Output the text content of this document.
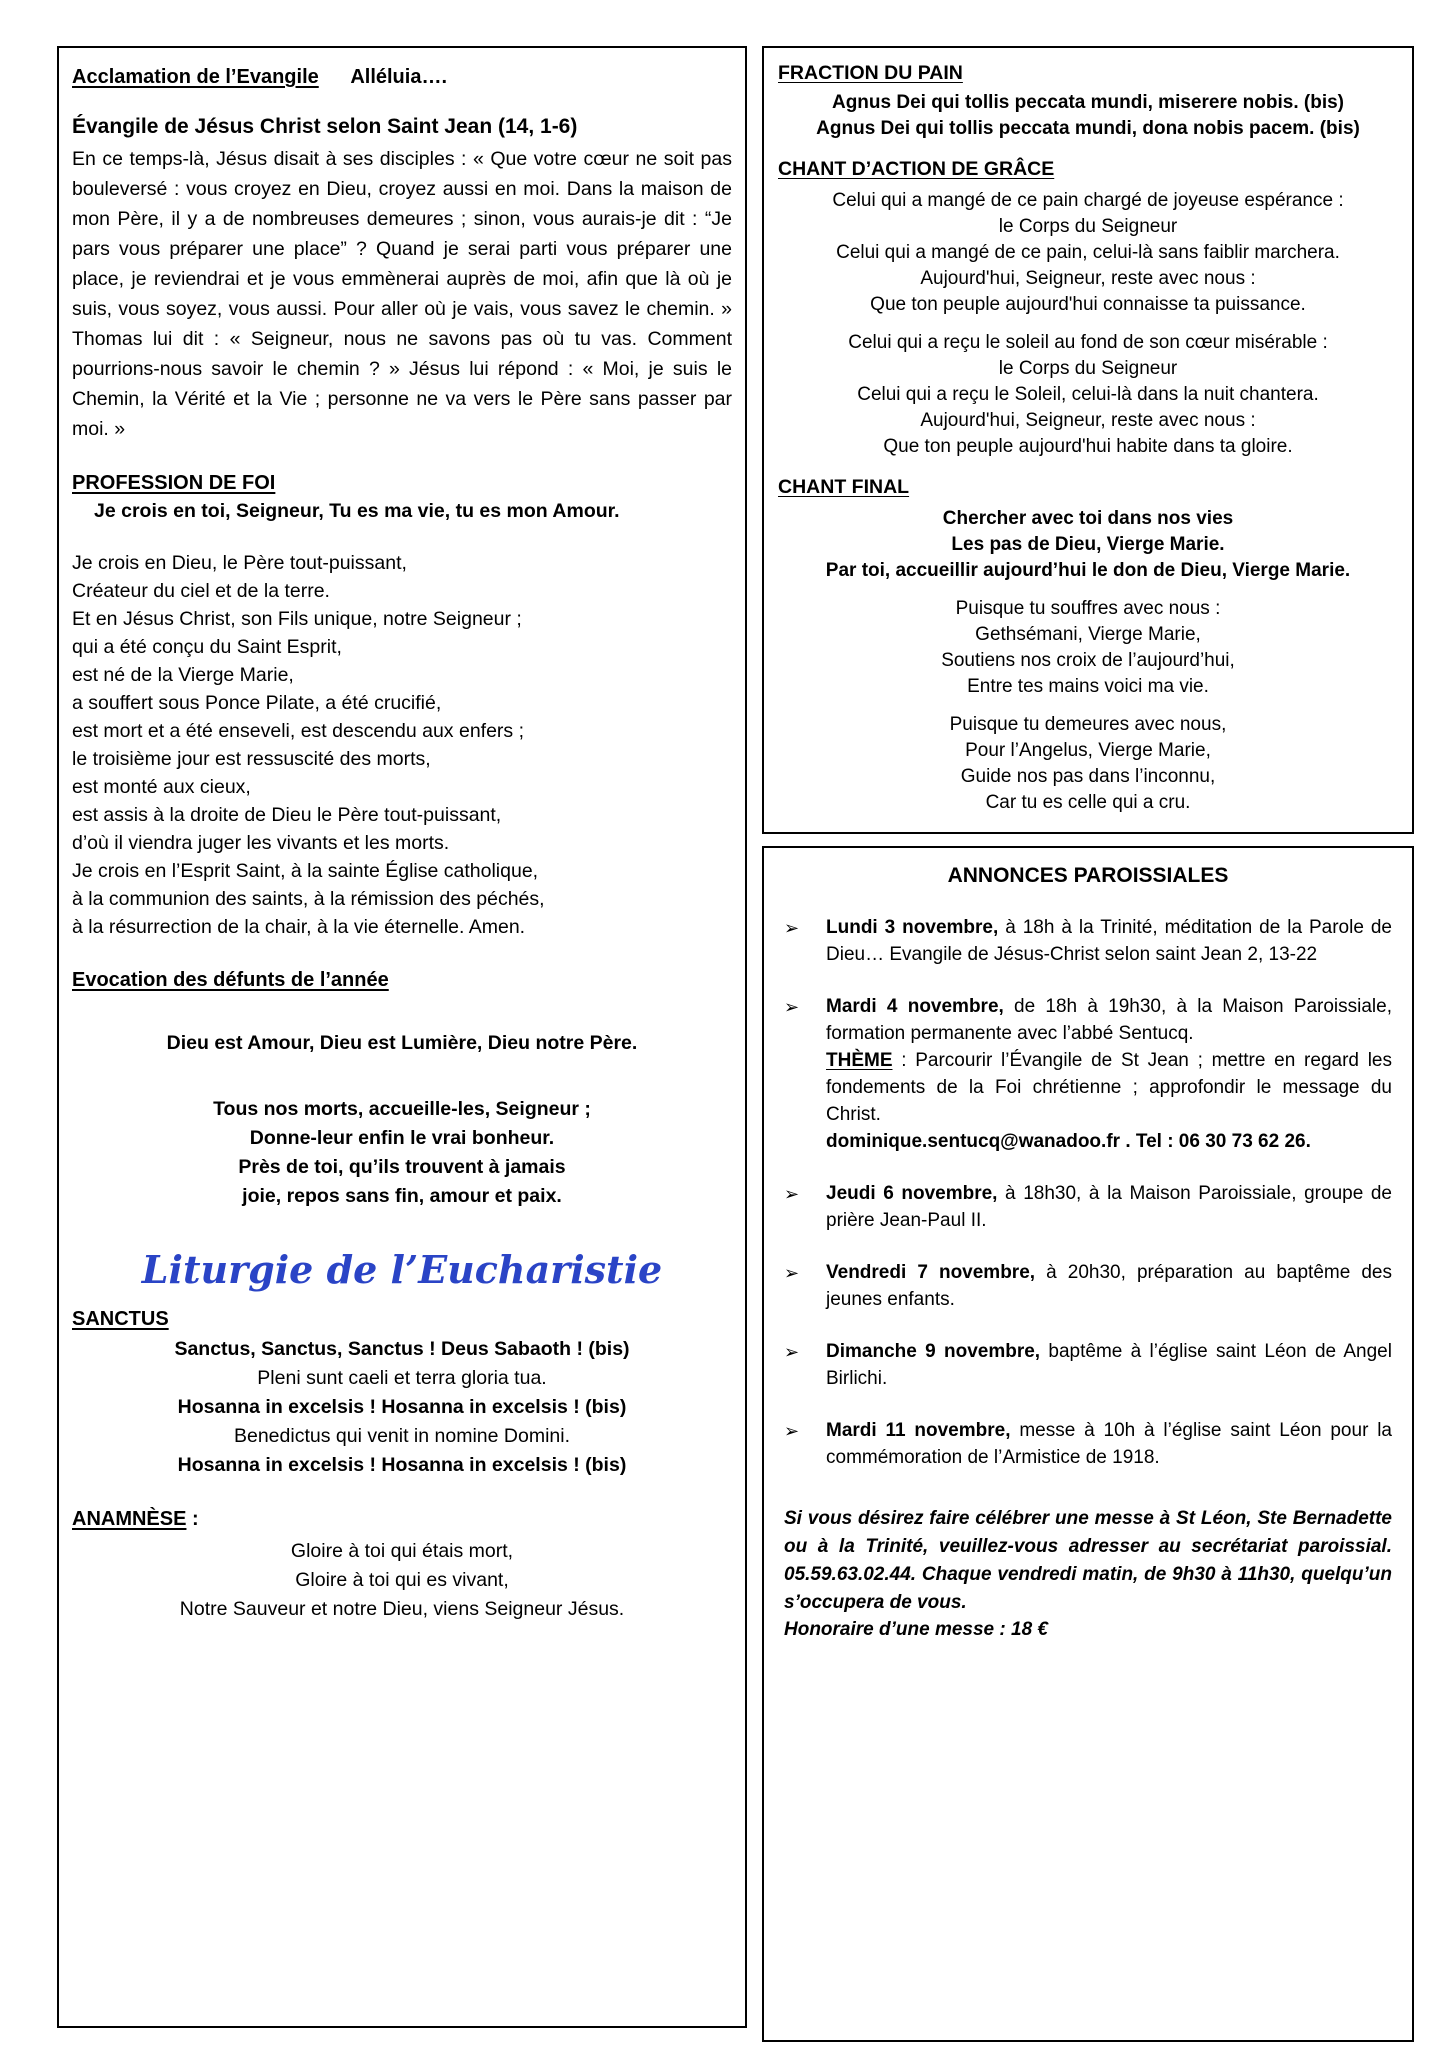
Acclamation de l’Evangile Alléluia….
Évangile de Jésus Christ selon Saint Jean (14, 1-6)
En ce temps-là, Jésus disait à ses disciples : « Que votre cœur ne soit pas bouleversé : vous croyez en Dieu, croyez aussi en moi. Dans la maison de mon Père, il y a de nombreuses demeures ; sinon, vous aurais-je dit : “Je pars vous préparer une place” ? Quand je serai parti vous préparer une place, je reviendrai et je vous emmènerai auprès de moi, afin que là où je suis, vous soyez, vous aussi. Pour aller où je vais, vous savez le chemin. » Thomas lui dit : « Seigneur, nous ne savons pas où tu vas. Comment pourrions-nous savoir le chemin ? » Jésus lui répond : « Moi, je suis le Chemin, la Vérité et la Vie ; personne ne va vers le Père sans passer par moi. »
PROFESSION DE FOI
Je crois en toi, Seigneur, Tu es ma vie, tu es mon Amour.
Je crois en Dieu, le Père tout-puissant,
Créateur du ciel et de la terre.
Et en Jésus Christ, son Fils unique, notre Seigneur ;
qui a été conçu du Saint Esprit,
est né de la Vierge Marie,
a souffert sous Ponce Pilate, a été crucifié,
est mort et a été enseveli, est descendu aux enfers ;
le troisième jour est ressuscité des morts,
est monté aux cieux,
est assis à la droite de Dieu le Père tout-puissant,
d’où il viendra juger les vivants et les morts.
Je crois en l’Esprit Saint, à la sainte Église catholique,
à la communion des saints, à la rémission des péchés,
à la résurrection de la chair, à la vie éternelle. Amen.
Evocation des défunts de l’année
Dieu est Amour, Dieu est Lumière, Dieu notre Père.
Tous nos morts, accueille-les, Seigneur ;
Donne-leur enfin le vrai bonheur.
Près de toi, qu’ils trouvent à jamais
joie, repos sans fin, amour et paix.
Liturgie de l’Eucharistie
SANCTUS
Sanctus, Sanctus, Sanctus ! Deus Sabaoth ! (bis)
Pleni sunt caeli et terra gloria tua.
Hosanna in excelsis ! Hosanna in excelsis ! (bis)
Benedictus qui venit in nomine Domini.
Hosanna in excelsis ! Hosanna in excelsis ! (bis)
ANAMNÈSE :
Gloire à toi qui étais mort,
Gloire à toi qui es vivant,
Notre Sauveur et notre Dieu, viens Seigneur Jésus.
FRACTION DU PAIN
Agnus Dei qui tollis peccata mundi, miserere nobis. (bis)
Agnus Dei qui tollis peccata mundi, dona nobis pacem. (bis)
CHANT D’ACTION DE GRÂCE
Celui qui a mangé de ce pain chargé de joyeuse espérance :
le Corps du Seigneur
Celui qui a mangé de ce pain, celui-là sans faiblir marchera.
Aujourd'hui, Seigneur, reste avec nous :
Que ton peuple aujourd'hui connaisse ta puissance.
Celui qui a reçu le soleil au fond de son cœur misérable :
le Corps du Seigneur
Celui qui a reçu le Soleil, celui-là dans la nuit chantera.
Aujourd'hui, Seigneur, reste avec nous :
Que ton peuple aujourd'hui habite dans ta gloire.
CHANT FINAL
Chercher avec toi dans nos vies
Les pas de Dieu, Vierge Marie.
Par toi, accueillir aujourd’hui le don de Dieu, Vierge Marie.
Puisque tu souffres avec nous :
Gethsémani, Vierge Marie,
Soutiens nos croix de l’aujourd’hui,
Entre tes mains voici ma vie.
Puisque tu demeures avec nous,
Pour l’Angelus, Vierge Marie,
Guide nos pas dans l’inconnu,
Car tu es celle qui a cru.
ANNONCES PAROISSIALES
➢	Lundi 3 novembre, à 18h à la Trinité, méditation de la Parole de Dieu… Evangile de Jésus-Christ selon saint Jean 2, 13-22
➢	Mardi 4 novembre, de 18h à 19h30, à la Maison Paroissiale, formation permanente avec l’abbé Sentucq.
THÈME : Parcourir l’Évangile de St Jean ; mettre en regard les fondements de la Foi chrétienne ; approfondir le message du Christ.
dominique.sentucq@wanadoo.fr . Tel : 06 30 73 62 26.
➢	Jeudi 6 novembre, à 18h30, à la Maison Paroissiale, groupe de prière Jean-Paul II.
➢	Vendredi 7 novembre, à 20h30, préparation au baptême des jeunes enfants.
➢	Dimanche 9 novembre, baptême à l’église saint Léon de Angel Birlichi.
➢	Mardi 11 novembre, messe à 10h à l’église saint Léon pour la commémoration de l’Armistice de 1918.
Si vous désirez faire célébrer une messe à St Léon, Ste Bernadette ou à la Trinité, veuillez-vous adresser au secrétariat paroissial. 05.59.63.02.44. Chaque vendredi matin, de 9h30 à 11h30, quelqu’un s’occupera de vous.
Honoraire d’une messe : 18 €
